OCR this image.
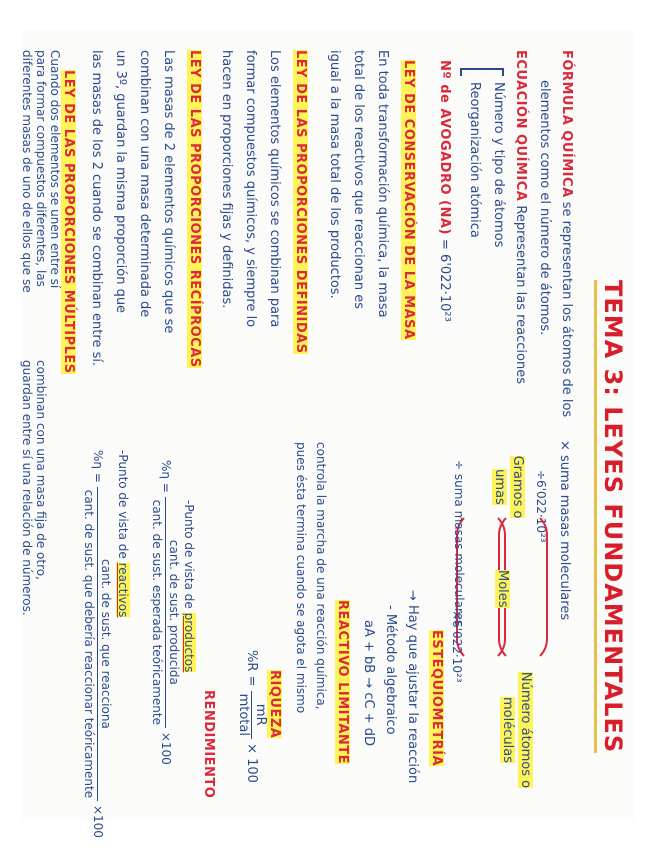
TEMA 3: LEYES FUNDAMENTALES
FÓRMULA QUÍMICA se representan los átomos de los
elementos como el número de átomos.
ECUACIÓN QUÍMICA Representan las reacciones
Número y tipo de átomos
Reorganización atómica
Nº de AVOGADRO (NA) = 6'022·10²³
LEY DE CONSERVACIÓN DE LA MASA
En toda transformación química, la masa
total de los reactivos que reaccionan es
igual a la masa total de los productos.
LEY DE LAS PROPORCIONES DEFINIDAS
Los elementos químicos se combinan para
formar compuestos químicos, y siempre lo
hacen en proporciones fijas y definidas.
LEY DE LAS PROPORCIONES RECÍPROCAS
Las masas de 2 elementos químicos que se
combinan con una masa determinada de
un 3º, guardan la misma proporción que
las masas de los 2 cuando se combinan entre sí.
LEY DE LAS PROPORCIONES MÚLTIPLES
Cuando dos elementos se unen entre sí
para formar compuestos diferentes, las
diferentes masas de uno de ellos que se
combinan con una masa fija de otro,
guardan entre sí una relación de números.	× suma masas moleculares
÷6'022·10²³
Gramos o umas
Moles
Número átomos o moléculas
÷ suma masas moleculares
×6'022·10²³
ESTEQUIOMETRÍA
→ Hay que ajustar la reacción
- Método algebraico
aA + bB → cC + dD
REACTIVO LIMITANTE
controla la marcha de una reacción química,
pues ésta termina cuando se agota el mismo
RIQUEZA
%R =
mR
mtotal
× 100
RENDIMIENTO
-Punto de vista de productos
%η =
cant. de sust. producida
cant. de sust. esperada teóricamente
×100
-Punto de vista de reactivos
%η =
cant. de sust. que reacciona
cant. de sust. que debería reaccionar teóricamente
×100
